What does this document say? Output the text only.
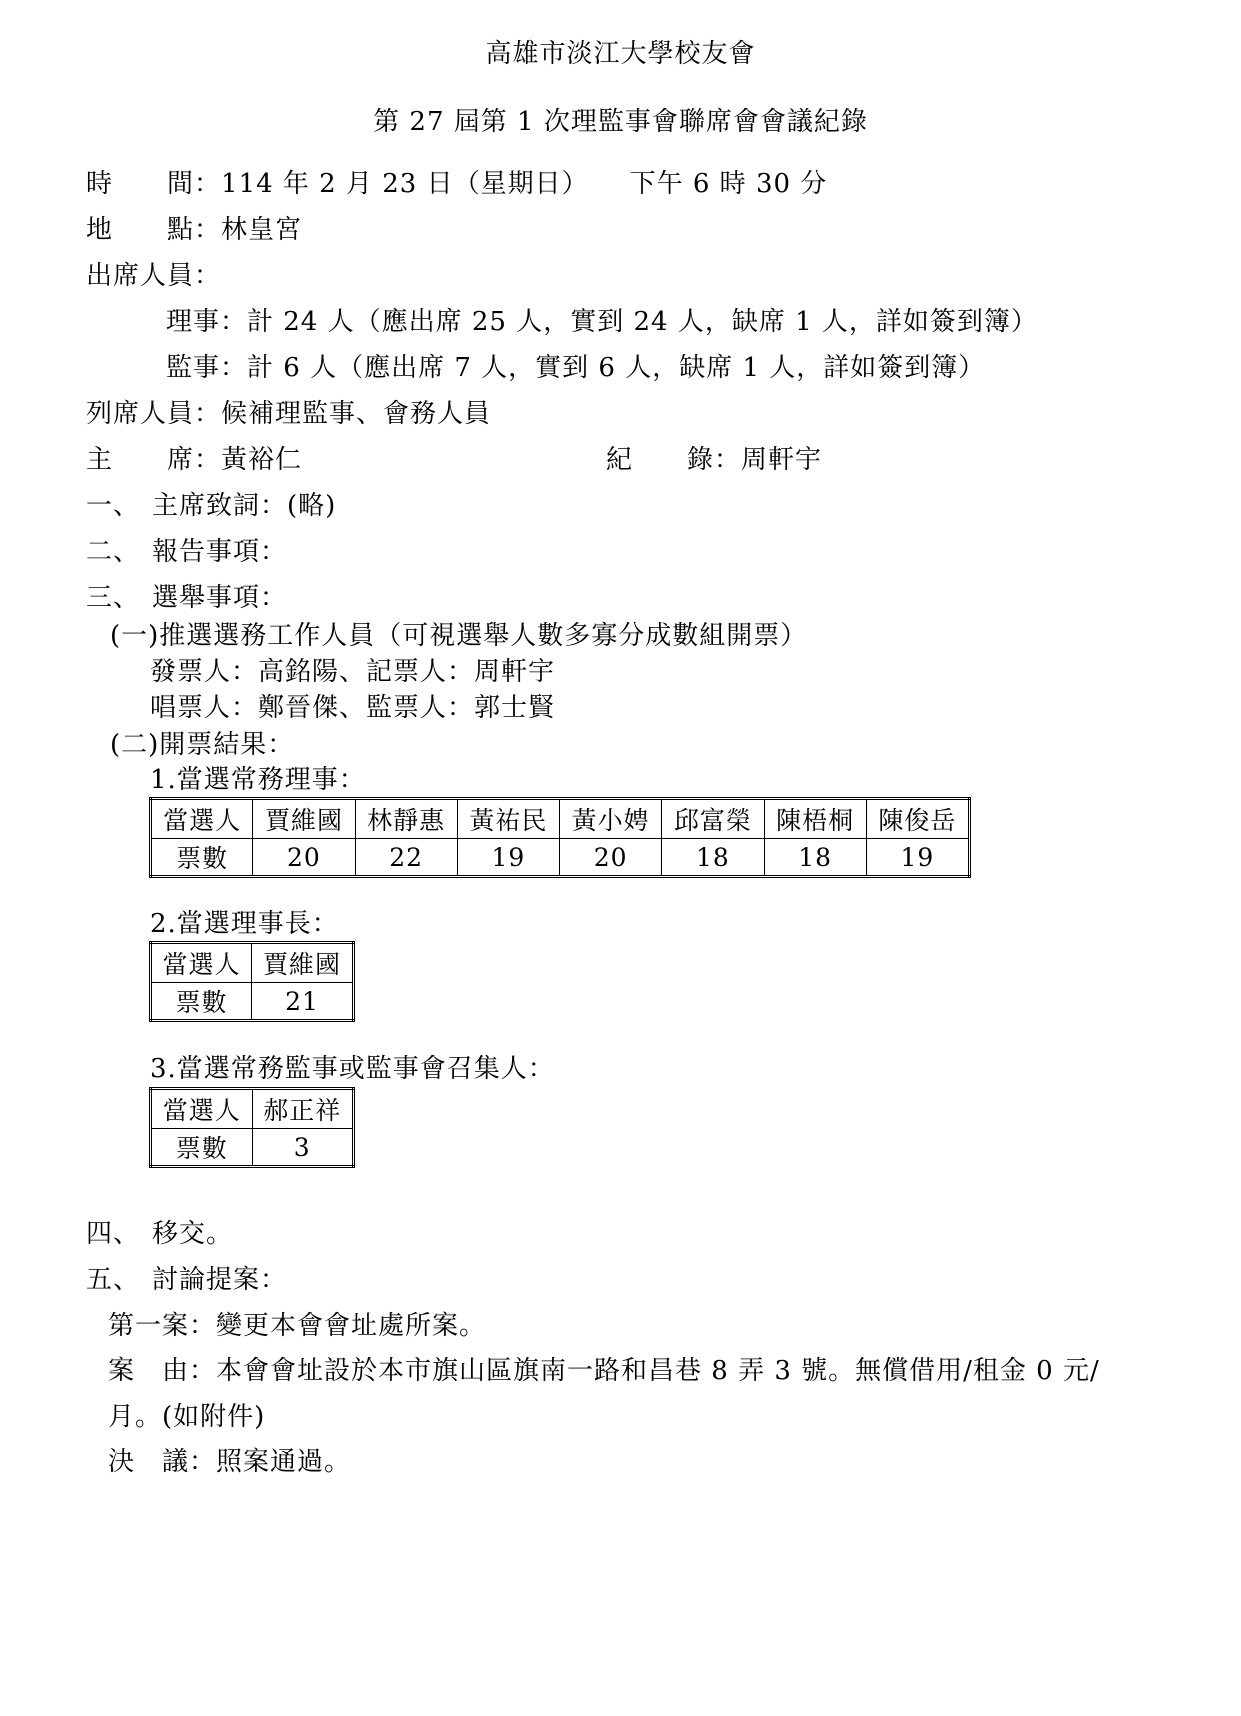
高雄市淡江大學校友會
第 27 屆第 1 次理監事會聯席會會議紀錄
時　　間：114 年 2 月 23 日（星期日）　　下午 6 時 30 分
地　　點：林皇宮
出席人員：
理事：計 24 人（應出席 25 人，實到 24 人，缺席 1 人，詳如簽到簿）
監事：計 6 人（應出席 7 人，實到 6 人，缺席 1 人，詳如簽到簿）
列席人員：候補理監事、會務人員
主　　席：黃裕仁	紀　　錄：周軒宇
一、 主席致詞：(略)
二、 報告事項：
三、 選舉事項：
(一)推選選務工作人員（可視選舉人數多寡分成數組開票）
發票人：高銘陽、記票人：周軒宇
唱票人：鄭晉傑、監票人：郭士賢
(二)開票結果：
1.當選常務理事：
當選人	賈維國	林靜惠	黃祐民	黃小娉	邱富榮	陳梧桐	陳俊岳
票數	20	22	19	20	18	18	19
2.當選理事長：
當選人	賈維國
票數	21
3.當選常務監事或監事會召集人：
當選人	郝正祥
票數	3
四、 移交。
五、 討論提案：
第一案：變更本會會址處所案。
案　由：本會會址設於本市旗山區旗南一路和昌巷 8 弄 3 號。無償借用/租金 0 元/
月。(如附件)
決　議：照案通過。
